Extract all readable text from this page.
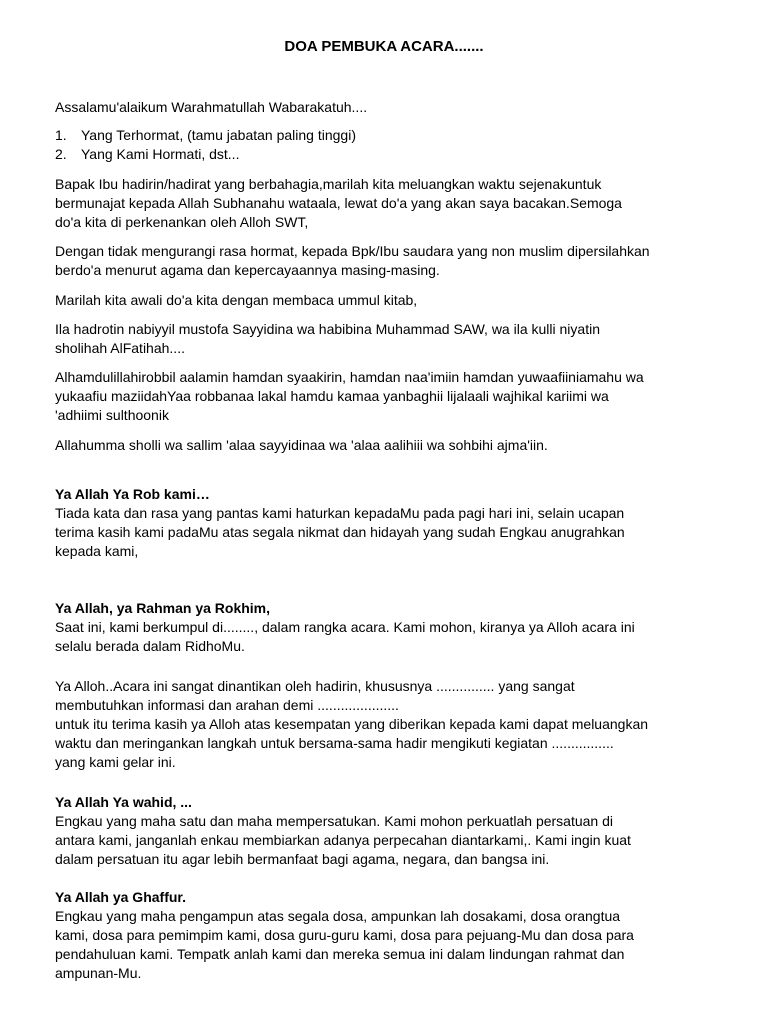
DOA PEMBUKA ACARA.......

Assalamu'alaikum Warahmatullah Wabarakatuh....

1. Yang Terhormat, (tamu jabatan paling tinggi)
2. Yang Kami Hormati, dst...

Bapak Ibu hadirin/hadirat yang berbahagia,marilah kita meluangkan waktu sejenakuntuk
bermunajat kepada Allah Subhanahu wataala, lewat do'a yang akan saya bacakan.Semoga
do'a kita di perkenankan oleh Alloh SWT,

Dengan tidak mengurangi rasa hormat, kepada Bpk/Ibu saudara yang non muslim dipersilahkan
berdo'a menurut agama dan kepercayaannya masing-masing.

Marilah kita awali do'a kita dengan membaca ummul kitab,

Ila hadrotin nabiyyil mustofa Sayyidina wa habibina Muhammad SAW, wa ila kulli niyatin
sholihah AlFatihah....

Alhamdulillahirobbil aalamin hamdan syaakirin, hamdan naa'imiin hamdan yuwaafiiniamahu wa
yukaafiu maziidahYaa robbanaa lakal hamdu kamaa yanbaghii lijalaali wajhikal kariimi wa
'adhiimi sulthoonik

Allahumma sholli wa sallim 'alaa sayyidinaa wa 'alaa aalihiii wa sohbihi ajma'iin.

Ya Allah Ya Rob kami…
Tiada kata dan rasa yang pantas kami haturkan kepadaMu pada pagi hari ini, selain ucapan
terima kasih kami padaMu atas segala nikmat dan hidayah yang sudah Engkau anugrahkan
kepada kami,
Ya Allah, ya Rahman ya Rokhim,
Saat ini, kami berkumpul di........, dalam rangka acara. Kami mohon, kiranya ya Alloh acara ini
selalu berada dalam RidhoMu.
Ya Alloh..Acara ini sangat dinantikan oleh hadirin, khususnya ............... yang sangat
membutuhkan informasi dan arahan demi .....................
untuk itu terima kasih ya Alloh atas kesempatan yang diberikan kepada kami dapat meluangkan
waktu dan meringankan langkah untuk bersama-sama hadir mengikuti kegiatan ................
yang kami gelar ini.
Ya Allah Ya wahid, ...
Engkau yang maha satu dan maha mempersatukan. Kami mohon perkuatlah persatuan di
antara kami, janganlah enkau membiarkan adanya perpecahan diantarkami,. Kami ingin kuat
dalam persatuan itu agar lebih bermanfaat bagi agama, negara, dan bangsa ini.
Ya Allah ya Ghaffur.
Engkau yang maha pengampun atas segala dosa, ampunkan lah dosakami, dosa orangtua
kami, dosa para pemimpim kami, dosa guru-guru kami, dosa para pejuang-Mu dan dosa para
pendahuluan kami. Tempatk anlah kami dan mereka semua ini dalam lindungan rahmat dan
ampunan-Mu.
